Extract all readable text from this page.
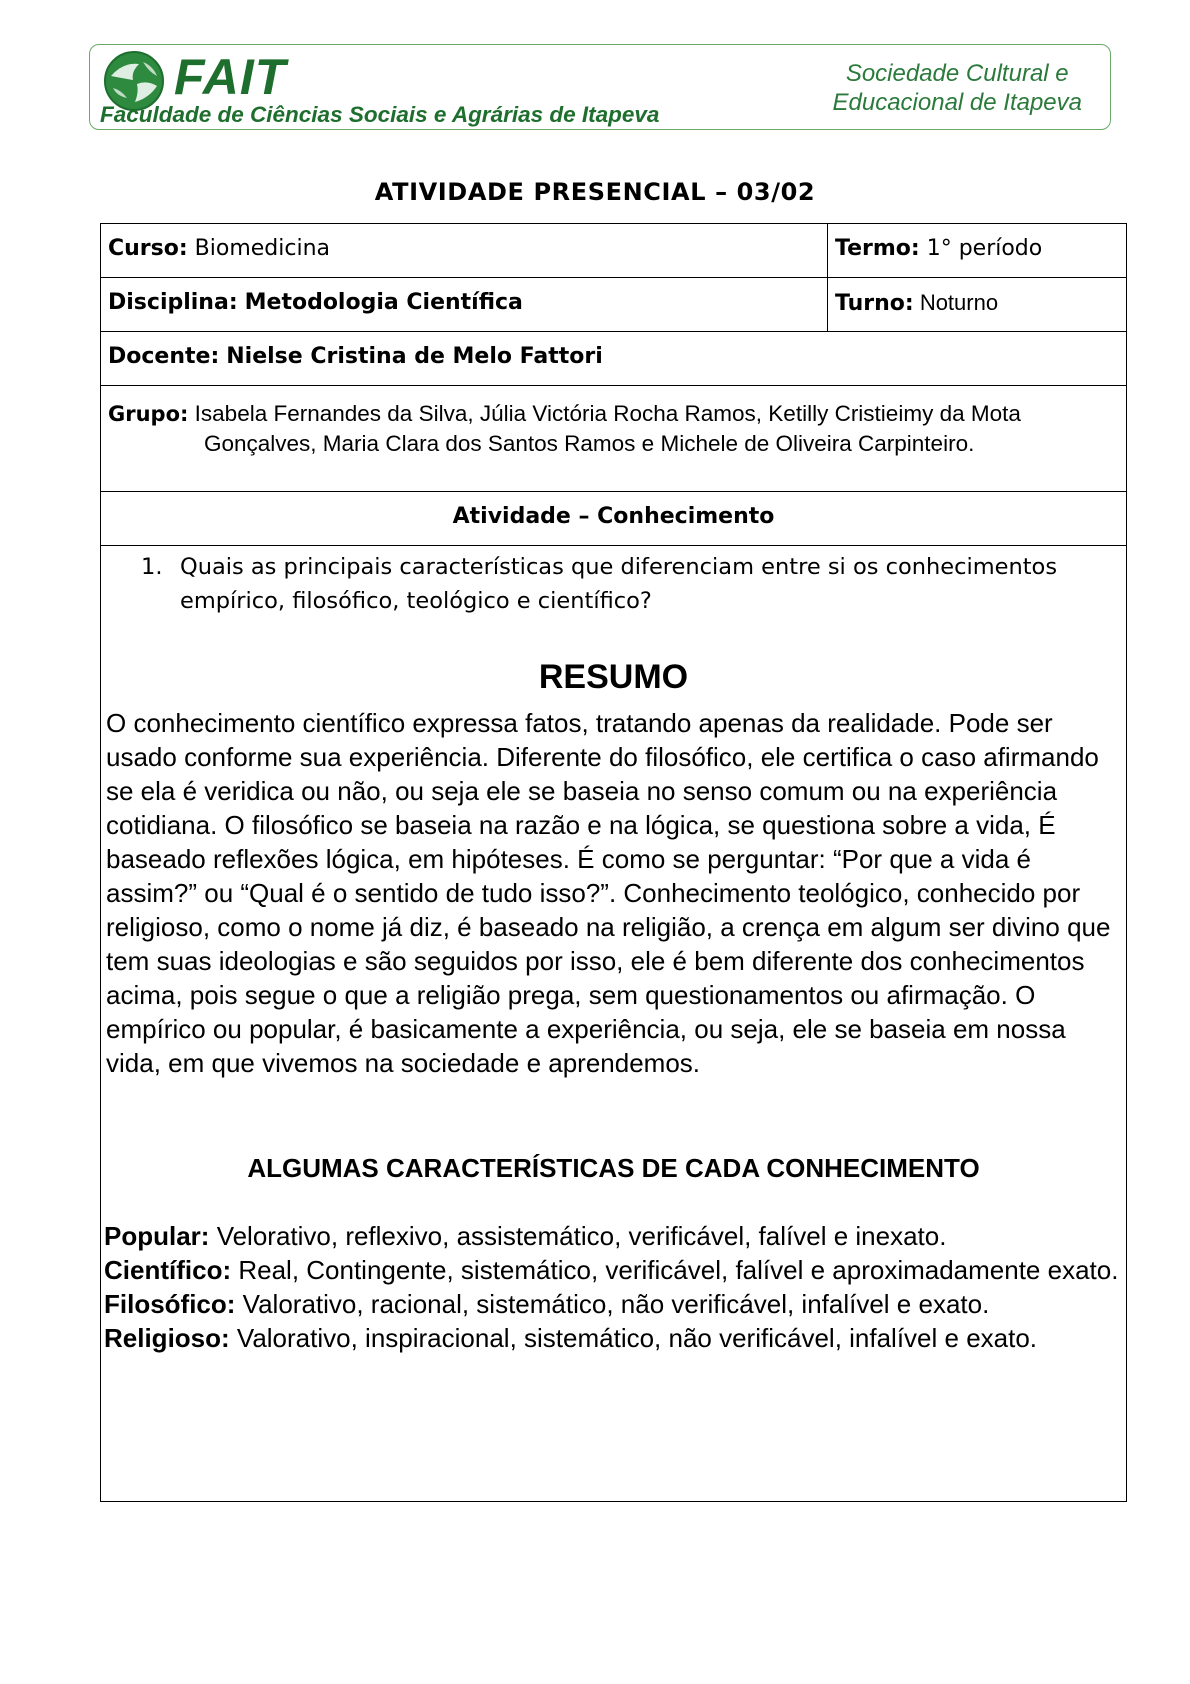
FAIT
Faculdade de Ciências Sociais e Agrárias de Itapeva
Sociedade Cultural e
Educacional de Itapeva
ATIVIDADE PRESENCIAL – 03/02
Curso: Biomedicina	Termo: 1° período
Disciplina: Metodologia Científica	Turno: Noturno
Docente: Nielse Cristina de Melo Fattori
Grupo: Isabela Fernandes da Silva, Júlia Victória Rocha Ramos, Ketilly Cristieimy da Mota
Gonçalves, Maria Clara dos Santos Ramos e Michele de Oliveira Carpinteiro.
Atividade – Conhecimento
1. Quais as principais características que diferenciam entre si os conhecimentos empírico, filosófico, teológico e científico?
RESUMO
O conhecimento científico expressa fatos, tratando apenas da realidade. Pode ser usado conforme sua experiência. Diferente do filosófico, ele certifica o caso afirmando se ela é veridica ou não, ou seja ele se baseia no senso comum ou na experiência cotidiana. O filosófico se baseia na razão e na lógica, se questiona sobre a vida, É baseado reflexões lógica, em hipóteses. É como se perguntar: “Por que a vida é assim?” ou “Qual é o sentido de tudo isso?”. Conhecimento teológico, conhecido por religioso, como o nome já diz, é baseado na religião, a crença em algum ser divino que tem suas ideologias e são seguidos por isso, ele é bem diferente dos conhecimentos acima, pois segue o que a religião prega, sem questionamentos ou afirmação. O empírico ou popular, é basicamente a experiência, ou seja, ele se baseia em nossa vida, em que vivemos na sociedade e aprendemos.
ALGUMAS CARACTERÍSTICAS DE CADA CONHECIMENTO
Popular: Velorativo, reflexivo, assistemático, verificável, falível e inexato.
Científico: Real, Contingente, sistemático, verificável, falível e aproximadamente exato.
Filosófico: Valorativo, racional, sistemático, não verificável, infalível e exato.
Religioso: Valorativo, inspiracional, sistemático, não verificável, infalível e exato.
